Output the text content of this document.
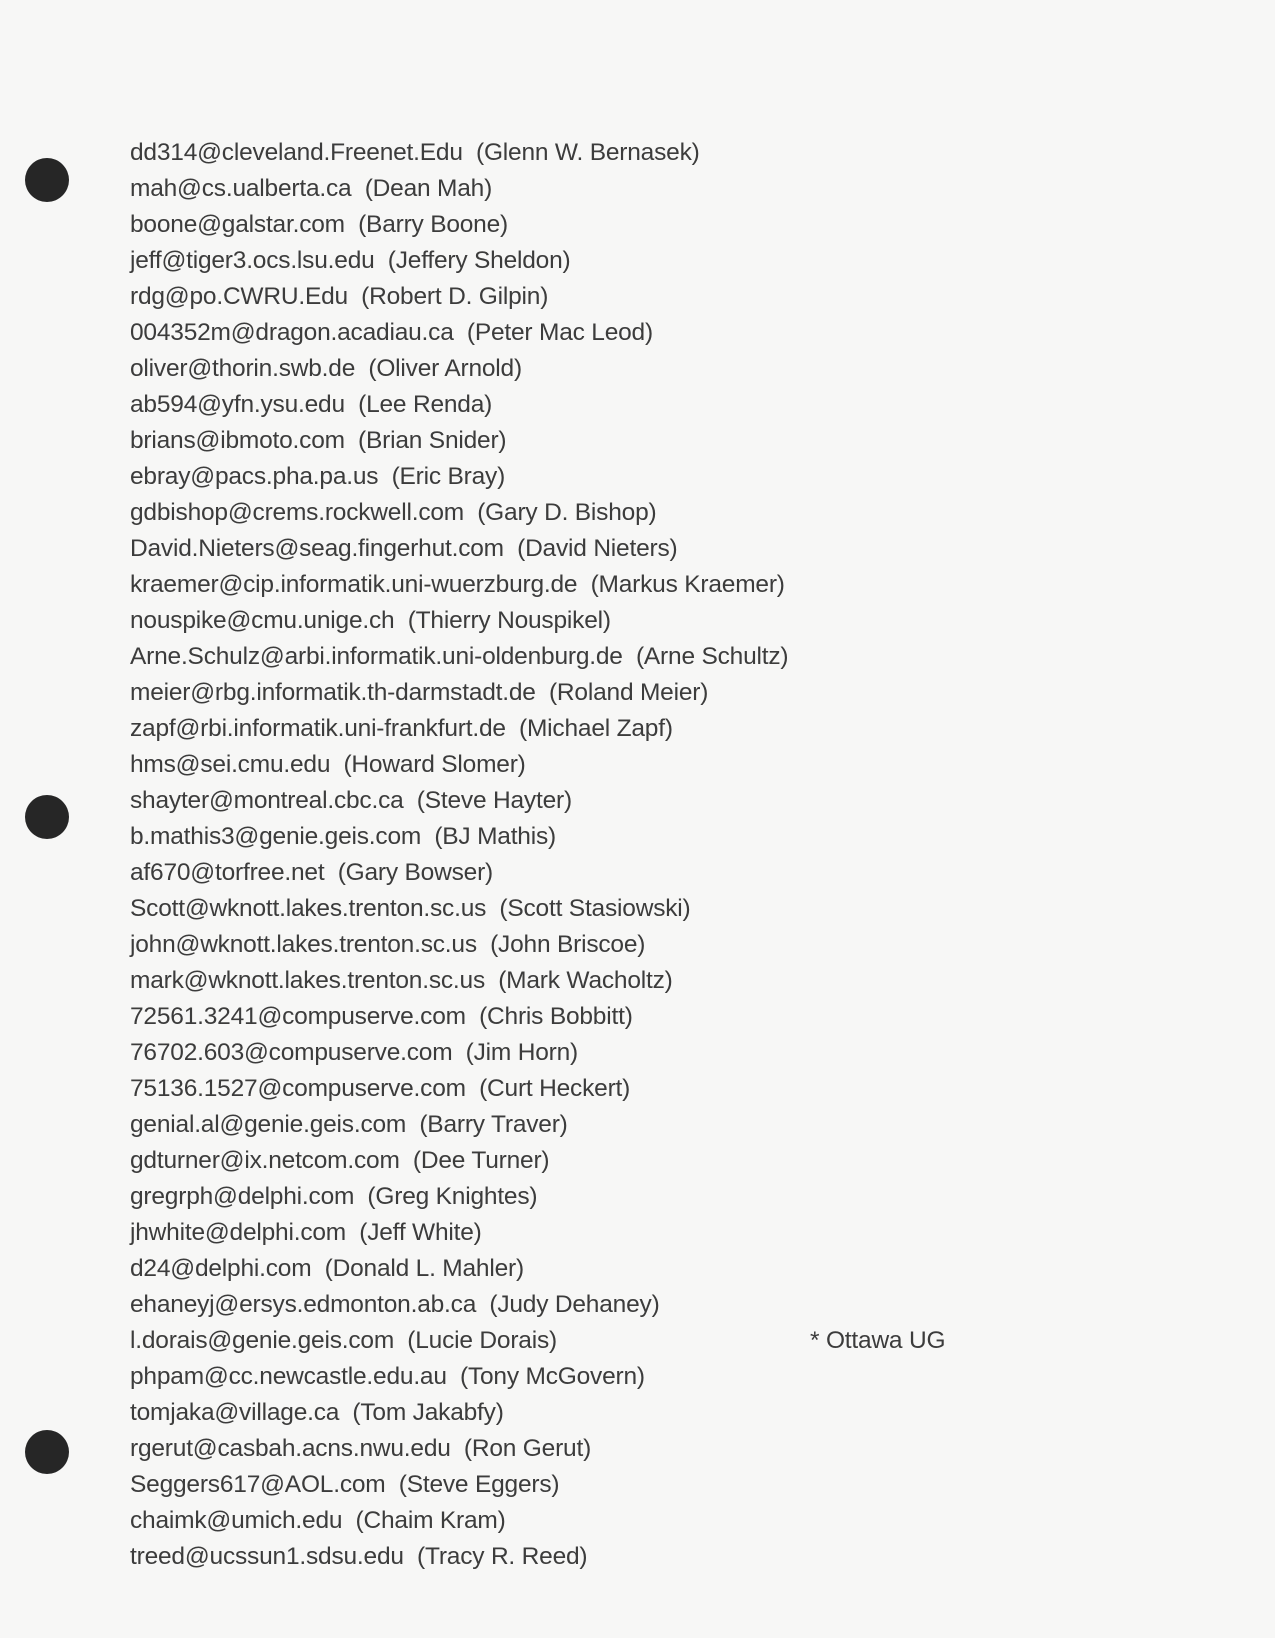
dd314@cleveland.Freenet.Edu (Glenn W. Bernasek)
mah@cs.ualberta.ca (Dean Mah)
boone@galstar.com (Barry Boone)
jeff@tiger3.ocs.lsu.edu (Jeffery Sheldon)
rdg@po.CWRU.Edu (Robert D. Gilpin)
004352m@dragon.acadiau.ca (Peter Mac Leod)
oliver@thorin.swb.de (Oliver Arnold)
ab594@yfn.ysu.edu (Lee Renda)
brians@ibmoto.com (Brian Snider)
ebray@pacs.pha.pa.us (Eric Bray)
gdbishop@crems.rockwell.com (Gary D. Bishop)
David.Nieters@seag.fingerhut.com (David Nieters)
kraemer@cip.informatik.uni-wuerzburg.de (Markus Kraemer)
nouspike@cmu.unige.ch (Thierry Nouspikel)
Arne.Schulz@arbi.informatik.uni-oldenburg.de (Arne Schultz)
meier@rbg.informatik.th-darmstadt.de (Roland Meier)
zapf@rbi.informatik.uni-frankfurt.de (Michael Zapf)
hms@sei.cmu.edu (Howard Slomer)
shayter@montreal.cbc.ca (Steve Hayter)
b.mathis3@genie.geis.com (BJ Mathis)
af670@torfree.net (Gary Bowser)
Scott@wknott.lakes.trenton.sc.us (Scott Stasiowski)
john@wknott.lakes.trenton.sc.us (John Briscoe)
mark@wknott.lakes.trenton.sc.us (Mark Wacholtz)
72561.3241@compuserve.com (Chris Bobbitt)
76702.603@compuserve.com (Jim Horn)
75136.1527@compuserve.com (Curt Heckert)
genial.al@genie.geis.com (Barry Traver)
gdturner@ix.netcom.com (Dee Turner)
gregrph@delphi.com (Greg Knightes)
jhwhite@delphi.com (Jeff White)
d24@delphi.com (Donald L. Mahler)
ehaneyj@ersys.edmonton.ab.ca (Judy Dehaney)
l.dorais@genie.geis.com (Lucie Dorais)	* Ottawa UG
phpam@cc.newcastle.edu.au (Tony McGovern)
tomjaka@village.ca (Tom Jakabfy)
rgerut@casbah.acns.nwu.edu (Ron Gerut)
Seggers617@AOL.com (Steve Eggers)
chaimk@umich.edu (Chaim Kram)
treed@ucssun1.sdsu.edu (Tracy R. Reed)
